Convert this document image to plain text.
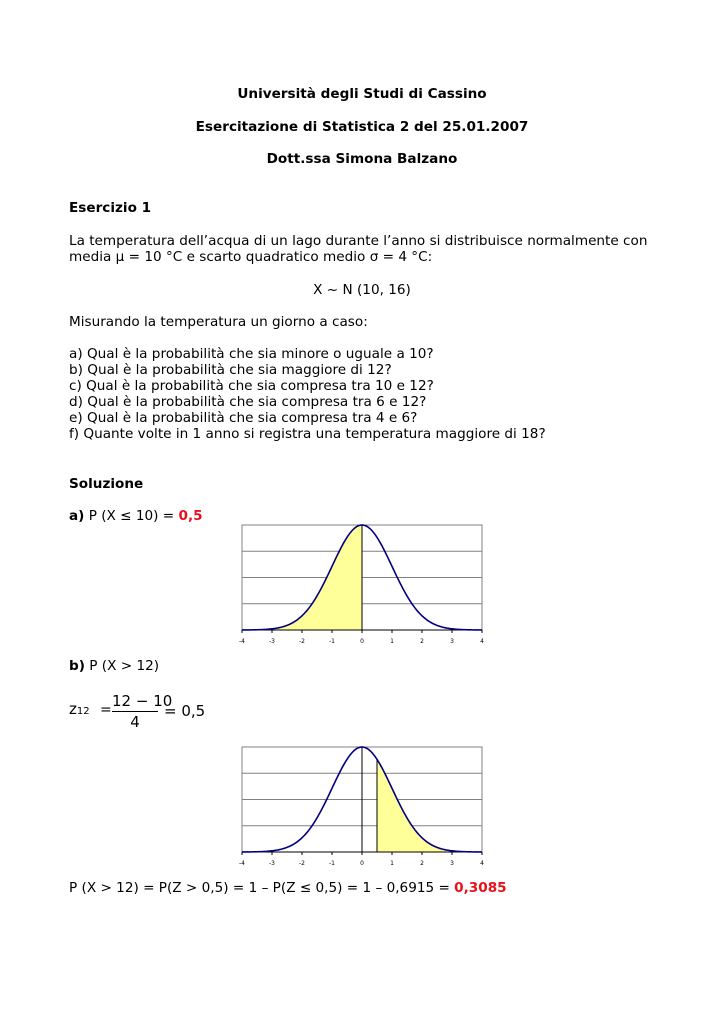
Università degli Studi di Cassino
Esercitazione di Statistica 2 del 25.01.2007
Dott.ssa Simona Balzano
Esercizio 1
La temperatura dell’acqua di un lago durante l’anno si distribuisce normalmente con
media μ = 10 °C e scarto quadratico medio σ = 4 °C:
X ~ N (10, 16)
Misurando la temperatura un giorno a caso:
a) Qual è la probabilità che sia minore o uguale a 10?
b) Qual è la probabilità che sia maggiore di 12?
c) Qual è la probabilità che sia compresa tra 10 e 12?
d) Qual è la probabilità che sia compresa tra 6 e 12?
e) Qual è la probabilità che sia compresa tra 4 e 6?
f) Quante volte in 1 anno si registra una temperatura maggiore di 18?
Soluzione
a) P (X ≤ 10) = 0,5
-4	-3	-2	-1	0	1	2	3	4
b) P (X > 12)
z12 = 12 − 10
4
= 0,5
-4	-3	-2	-1	0	1	2	3	4
P (X > 12) = P(Z > 0,5) = 1 – P(Z ≤ 0,5) = 1 – 0,6915 = 0,3085
